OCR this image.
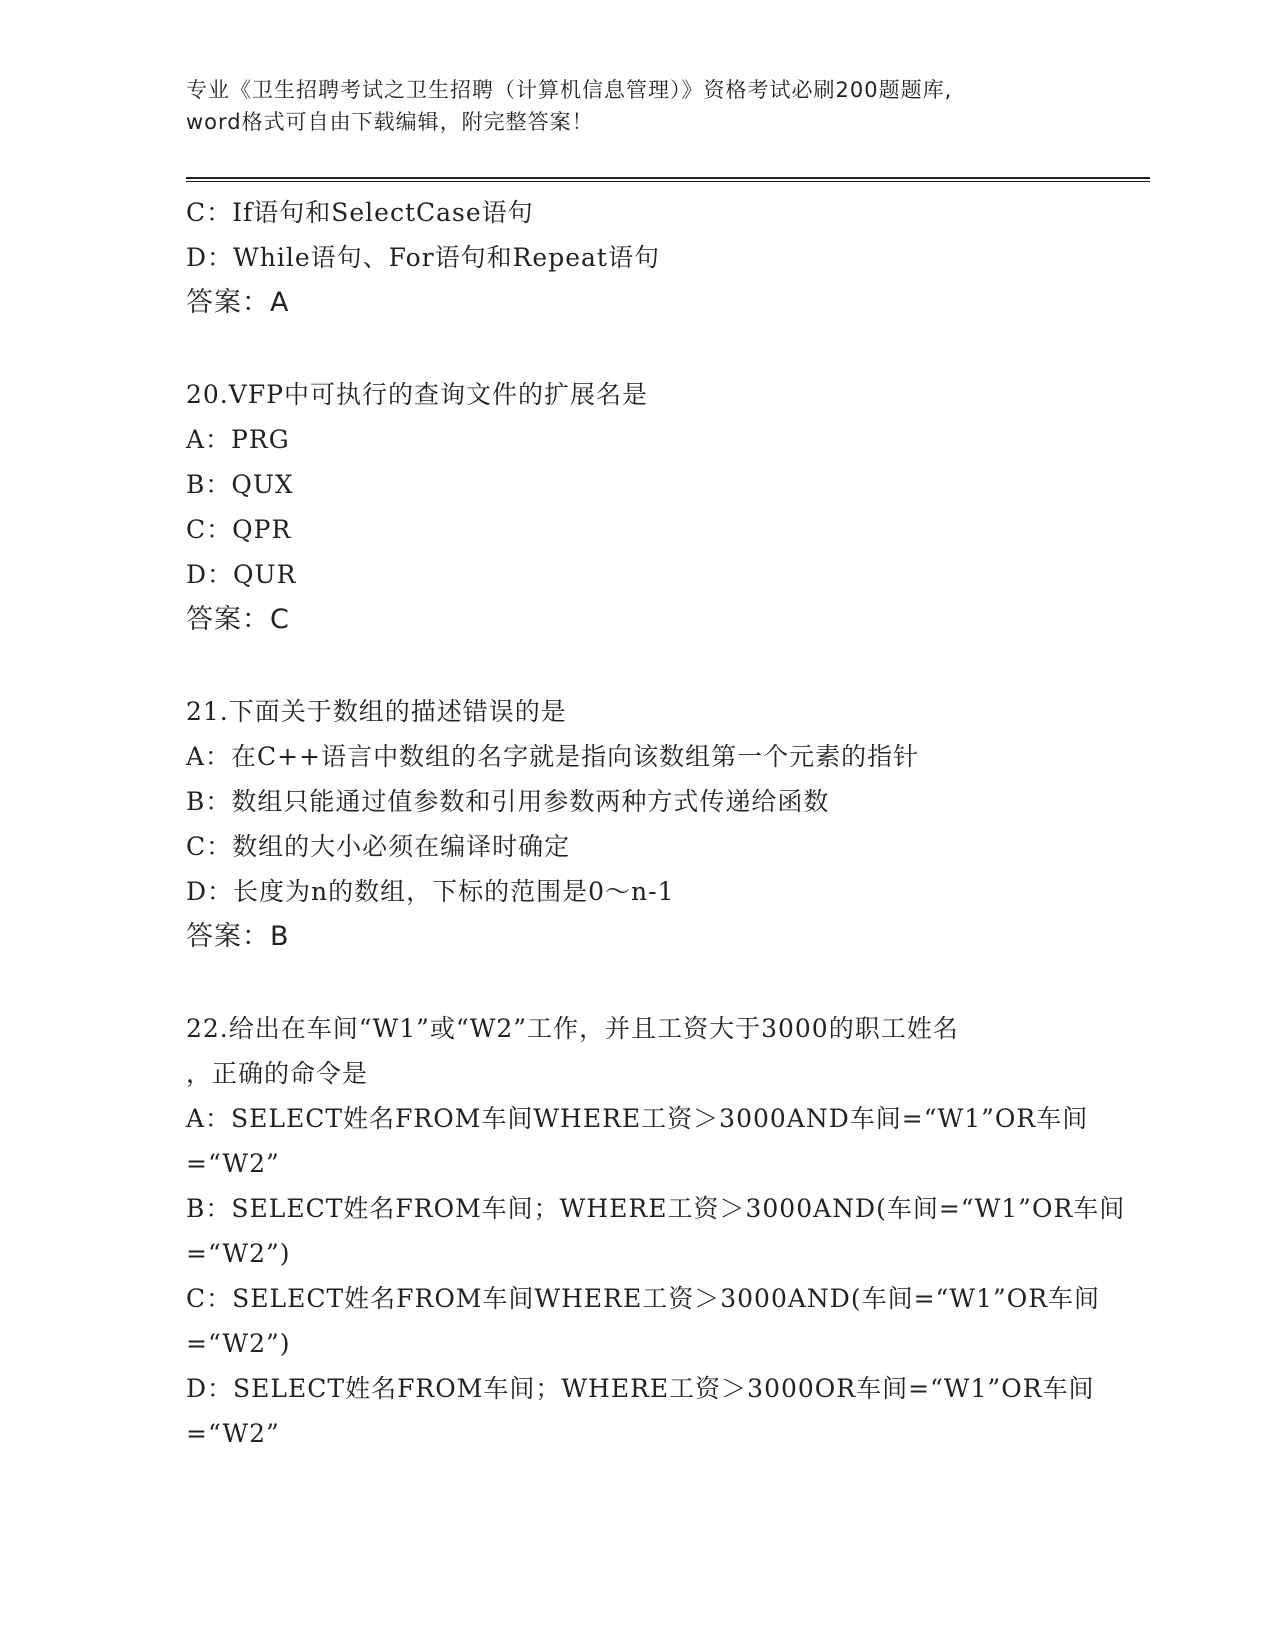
专业《卫生招聘考试之卫生招聘（计算机信息管理）》资格考试必刷200题题库,
word格式可自由下载编辑，附完整答案！
C：If语句和SelectCase语句
D：While语句、For语句和Repeat语句
答案：A
20.VFP中可执行的查询文件的扩展名是
A：PRG
B：QUX
C：QPR
D：QUR
答案：C
21.下面关于数组的描述错误的是
A：在C++语言中数组的名字就是指向该数组第一个元素的指针
B：数组只能通过值参数和引用参数两种方式传递给函数
C：数组的大小必须在编译时确定
D：长度为n的数组，下标的范围是0～n-1
答案：B
22.给出在车间“W1”或“W2”工作，并且工资大于3000的职工姓名
，正确的命令是
A：SELECT姓名FROM车间WHERE工资＞3000AND车间=“W1”OR车间
=“W2”
B：SELECT姓名FROM车间；WHERE工资＞3000AND(车间=“W1”OR车间
=“W2”)
C：SELECT姓名FROM车间WHERE工资＞3000AND(车间=“W1”OR车间
=“W2”)
D：SELECT姓名FROM车间；WHERE工资＞3000OR车间=“W1”OR车间
=“W2”
